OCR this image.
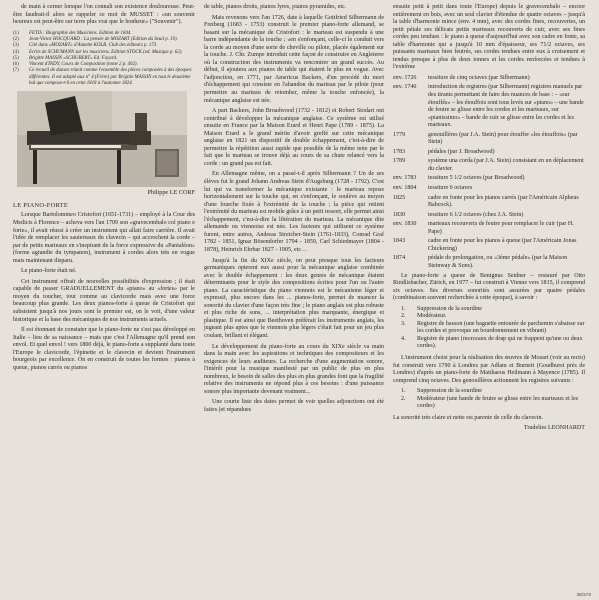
de main à cerner lorsque l'on connaît son existence douloureuse. Peut-être faudrait-il alors se rappeler ce mot de MUSSET : «un souvenir heureux est peut-être sur terre plus vrai que le bonheur» ("Souvenir").

(1)	FETIS : Biographie des Musiciens. Edition de 1844.
(2)	Jean-Victor HOCQUARD : La pensée de MOZART (Edition du Seuil p. 19).
(3)	Cité dans «MOZART» d'Annette KOLB. Club des éditeurs p. 173.
(4)	Ecrits de SCHUMANN sur les musiciens. Edition STOCK (ed. Musique p. 62).
(5)	Brigitte MASSIN «SCHUBERT» Ed. Fayard.
(6)	Vincent d'INDY, Cours de Composition (tome 2 p. 402).
(7)	Ce recueil de danses réunit comme l'ensemble des pièces composées à des époques différentes. Il est adopté aux n° 4 (Frère) par Brigitte MASSIN en tout le deuxième bal que compose-t-il en cette 1818 à l'automne 1824.
Philippe LE CORF
LE PIANO-FORTE

Lorsque Bartolommeo Cristofori (1651-1731) – employé à la Cour des Medicis à Florence – acheva vers l'an 1709 son «gravecembalo col piano e forte», il avait réussi à créer un instrument qui allait faire carrière. Il avait l'idée de remplacer les sautereaux du clavecin – qui accrochent la corde – par de petits marteaux en s'inspirant de la force expressive du «Pantaléon» (forme agrandie du tympanon), instrument à cordes alors très en vogue mais maintenant disparu.

Le piano-forte était né.

Cet instrument offrait de nouvelles possibilités d'expression ; il était capable de passer GRADUELLEMENT du «piano» au «fortes» par le moyen du toucher, tout comme au clavicorde mais avec une force beaucoup plus grande. Les deux pianos-forte à queue de Cristofori qui subsistent jusqu'à nos jours sont le premier est, on le voit, d'une valeur historique et la base des mécaniques de nos instruments actuels.

Il est étonnant de constater que le piano-forte ne s'est pas développé en Italie – lieu de sa naissance – mais que c'est l'Allemagne qu'il prend son envol. Et quel envol ! vers 1800 déjà, le piano-forte a supplanté dans toute l'Europe le clavicorde, l'épinette et le clavecin et devient l'instrument bourgeois par excellence. On en construit de toutes les formes : pianos à queue, pianos carrés ou pianos

de table, pianos droits, pianos lyres, pianos pyramides, etc.

Mais revenons vers l'an 1726, date à laquelle Gottfried Silbermann de Freiberg (1683 - 1753) construit le premier piano-forte allemand, se basant sur la mécanique de Cristofori : le marteau est suspendu à une barre indépendante de la touche ; «en s'enfonçant, celle-ci le conduit vers la corde au moyen d'une sorte de cheville ou pilote, placée également sur la touche. J. Chr. Zumpe introduit cette façon de construire en Angleterre où la construction des instruments va rencontrer un grand succès. Au début, il ajoutera aux pianos de table qui étaient le plus en vogue. Avec l'adjonction, en 1771, par Americus Backers, d'un procédé du mort d'échappement qui consiste en l'abandon du marteau par le pilote (pour permettre au marteau de retomber, même la touche enfoncée), la mécanique anglaise est née.

A part Backers, John Broadwood (1732 - 1812) et Robert Stodart ont contribué à développer la mécanique anglaise. Ce système est utilisé ensuite en France par la Maison Erard et Henri Pape (1789 - 1875). La Maison Erard a le grand mérite d'avoir greffé sur cette mécanique anglaise en 1821 un dispositif de double échappement, c'est-à-dire de permettre la répétition aussi rapide que possible de la même note par le fait que le marteau se trouve déjà au cours de sa chute relancé vers la corde : un grand pas est fait.

En Allemagne même, on a passé-t-il après Silbermann ? Un de ses élèves fut le grand Johann Andreas Stein d'Augsburg (1728 - 1792). C'est lui qui va transformer la mécanique existante : le marteau repose horizontalement sur la touche qui, en s'enfonçant, le soulève au moyen d'une fourche fixée à l'extrémité de la touche ; la pièce qui retient l'extrémité du marteau est mobile grâce à un petit ressort, elle permet ainsi l'échappement, c'est-à-dire la libération du marteau. La mécanique dite allemande ou viennoise est née. Les facteurs qui utilisent ce système furent, entre autres, Andreas Streicher-Stein (1761-1833), Conrad Graf 1782 - 1851, Ignaz Bösendorfer 1794 - 1859, Carl Schiedmayer (1804 - 1878), Heinrich Ehrbar 1827 - 1905, etc…

Jusqu'à la fin du XIXe siècle, on peut presque tous les facteurs germaniques opterent eux aussi pour la mécanique anglaise combinée avec le double échappement : les deux genres de mécanique étaient déterminants pour le style des compositions écrites pour l'un ou l'autre piano. La caractéristique du piano viennois est le mécanisme léger et expressif, plus encore dans les ... pianos-forte, permet de nuancer la sonorité du clavier d'une façon très fine ; le piano anglais est plus robuste et plus riche de sons, ... interprétation plus marquante, énergique et plastique. Il est ainsi que Beethoven préférait les instruments anglais, les jugeant plus aptes que le viennois plus légers c'était fait pour un jeu plus coulant, brillant et élégant.

Le développement du piano-forte au cours du XIXe siècle va main dans la main avec les aspirations et techniques des compositeurs et les exigences de leurs auditeurs. La recherche d'une augmentation sonore, l'intérêt pour la musique manifesté par un public de plus en plus nombreux, le besoin de salles des plus en plus grandes font que la fragilité relative des instruments ne répond plus à ces besoins : d'une puissance sonore plus importante devenant vraiment...

Une courte liste des dates permet de voir quelles adjonctions ont été faites (et répandues

ensuite petit à petit dans toute l'Europe) depuis le gravecembalo – encore entièrement en bois, avec un seul clavier d'étendue de quatre octaves – jusqu'à la table d'harmonie mince (env. 4 mm), avec des cordes fines, recouvertes, un petit pétale ses délicats petits marteaux recouverts de cuir, avec ses fines cordes peu tendues : le piano à queue d'aujourd'hui avec son cadre en fonte, sa table d'harmonie qui a jusqu'à 10 mm d'épaisseur, ses 71/2 octaves, ses puissants marteaux bien feutrés, ses cordes tendues entre eux à croisement et tendus presque à plus de deux tonnes et les cordes renforcées et tendues à l'extrême

env. 1726	tessiture de cinq octaves (par Silbermann)
env. 1740	introduction de registres (par Silbermann) registres manuels par des tirants permettant de faire des nuances de base : – «sur étouffés» – les étouffois sont tous levés sur «piano» – une bande de feutre se glisse entre les cordes et les marteaux, sur «pianissimo» – bande de cuir se glisse entre les cordes et les marteaux.
1779	genouillères (par J.A. Stein) pour étouffer «les étouffois» (par Stein)
1783	pédales (par J. Broadwood)
1789	système una corda (par J.A. Stein) consistant en un déplacement du clavier.
env. 1783	tessiture 5 1/2 octaves (par Broadwood)
env. 1804	tessiture 6 octaves
1825	cadre en fonte pour les pianos carrés (par l'Américain Alpheus Babcock).
1830	tessiture 6 1/2 octaves (chez J.A. Stein)
env. 1830	marteaux recouverts de feutre pour remplacer le cuir (par H. Pape)
1843	cadre en fonte pour les pianos à queue (par l'Américain Jonas Chickering)
1874	pédale de prolongation, ou «3ème pédale» (par la Maison Steinway & Sons).

Le piano-forte a queue de Benignus Seidner – restauré par Otto Rindlisbacher, Zürich, en 1977 – fut construit à Vienne vers 1815, il comprend six octaves. Ses diverses sonorités sont assurées par quatre pédales (combinaison souvent recherchée à cette époque), à savoir :

1.	Suppression de la sourdine
2.	Modérateur.
3.	Registre de basson (une baguette entourée de parchemin s'abaisse sur les cordes et provoque un bourdonnement en vibrant)
4.	Registre de piano (morceaux de drap qui ne frappent qu'une ou deux cordes).

L'instrument choisi pour la réalisation des œuvres de Mozart (voir au recto) fut construit vers 1790 à Londres par Adlam et Burnett (Goudhurst près de Londres) d'après un piano-forte de Matthaeus Heilmann à Mayence (1785). Il comprend cinq octaves. Des genouillères actionnent les registres suivants :

1.	Suppression de la sourdine
2.	Modérateur (une bande de feutre se glisse entre les marteaux et les cordes)

La sonorité très claire et nette est parente de celle du clavecin.

Trudelies LEONHARDT
3B/578
